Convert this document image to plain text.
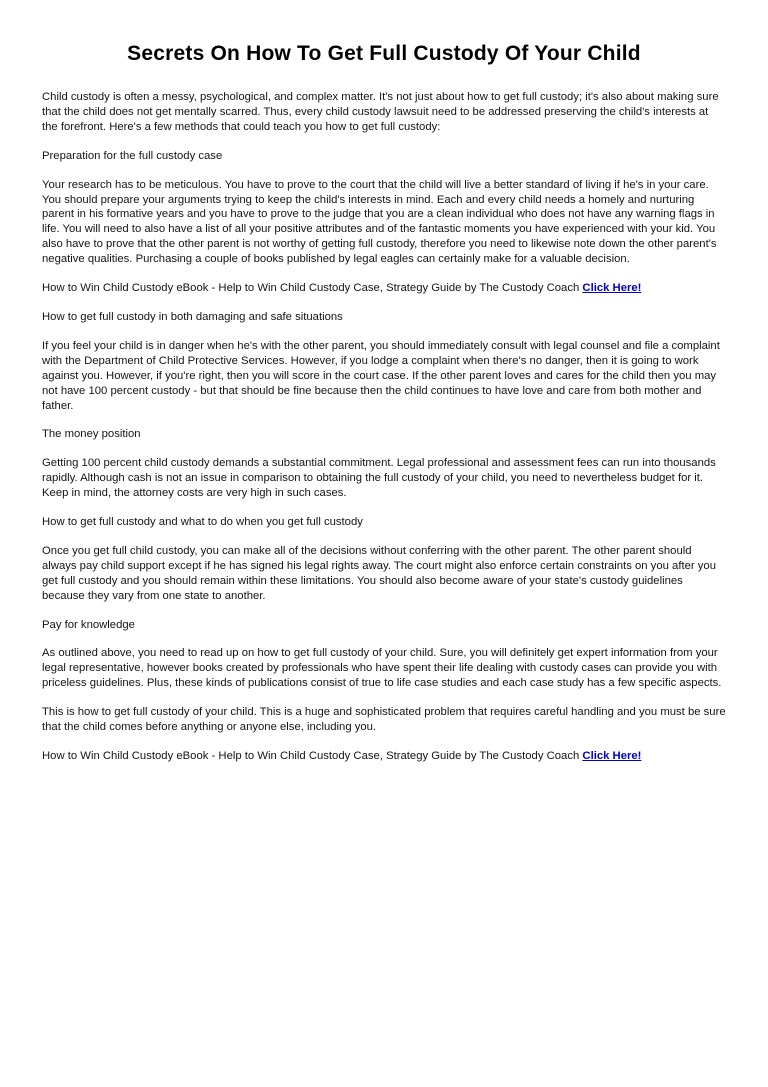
Secrets On How To Get Full Custody Of Your Child

Child custody is often a messy, psychological, and complex matter. It's not just about how to get full custody; it's also about making sure that the child does not get mentally scarred. Thus, every child custody lawsuit need to be addressed preserving the child's interests at the forefront. Here's a few methods that could teach you how to get full custody:

Preparation for the full custody case

Your research has to be meticulous. You have to prove to the court that the child will live a better standard of living if he's in your care. You should prepare your arguments trying to keep the child's interests in mind. Each and every child needs a homely and nurturing parent in his formative years and you have to prove to the judge that you are a clean individual who does not have any warning flags in life. You will need to also have a list of all your positive attributes and of the fantastic moments you have experienced with your kid. You also have to prove that the other parent is not worthy of getting full custody, therefore you need to likewise note down the other parent's negative qualities. Purchasing a couple of books published by legal eagles can certainly make for a valuable decision.

How to Win Child Custody eBook - Help to Win Child Custody Case, Strategy Guide by The Custody Coach Click Here!

How to get full custody in both damaging and safe situations

If you feel your child is in danger when he's with the other parent, you should immediately consult with legal counsel and file a complaint with the Department of Child Protective Services. However, if you lodge a complaint when there's no danger, then it is going to work against you. However, if you're right, then you will score in the court case. If the other parent loves and cares for the child then you may not have 100 percent custody - but that should be fine because then the child continues to have love and care from both mother and father.

The money position

Getting 100 percent child custody demands a substantial commitment. Legal professional and assessment fees can run into thousands rapidly. Although cash is not an issue in comparison to obtaining the full custody of your child, you need to nevertheless budget for it. Keep in mind, the attorney costs are very high in such cases.

How to get full custody and what to do when you get full custody

Once you get full child custody, you can make all of the decisions without conferring with the other parent. The other parent should always pay child support except if he has signed his legal rights away. The court might also enforce certain constraints on you after you get full custody and you should remain within these limitations. You should also become aware of your state's custody guidelines because they vary from one state to another.

Pay for knowledge

As outlined above, you need to read up on how to get full custody of your child. Sure, you will definitely get expert information from your legal representative, however books created by professionals who have spent their life dealing with custody cases can provide you with priceless guidelines. Plus, these kinds of publications consist of true to life case studies and each case study has a few specific aspects.

This is how to get full custody of your child. This is a huge and sophisticated problem that requires careful handling and you must be sure that the child comes before anything or anyone else, including you.

How to Win Child Custody eBook - Help to Win Child Custody Case, Strategy Guide by The Custody Coach Click Here!
